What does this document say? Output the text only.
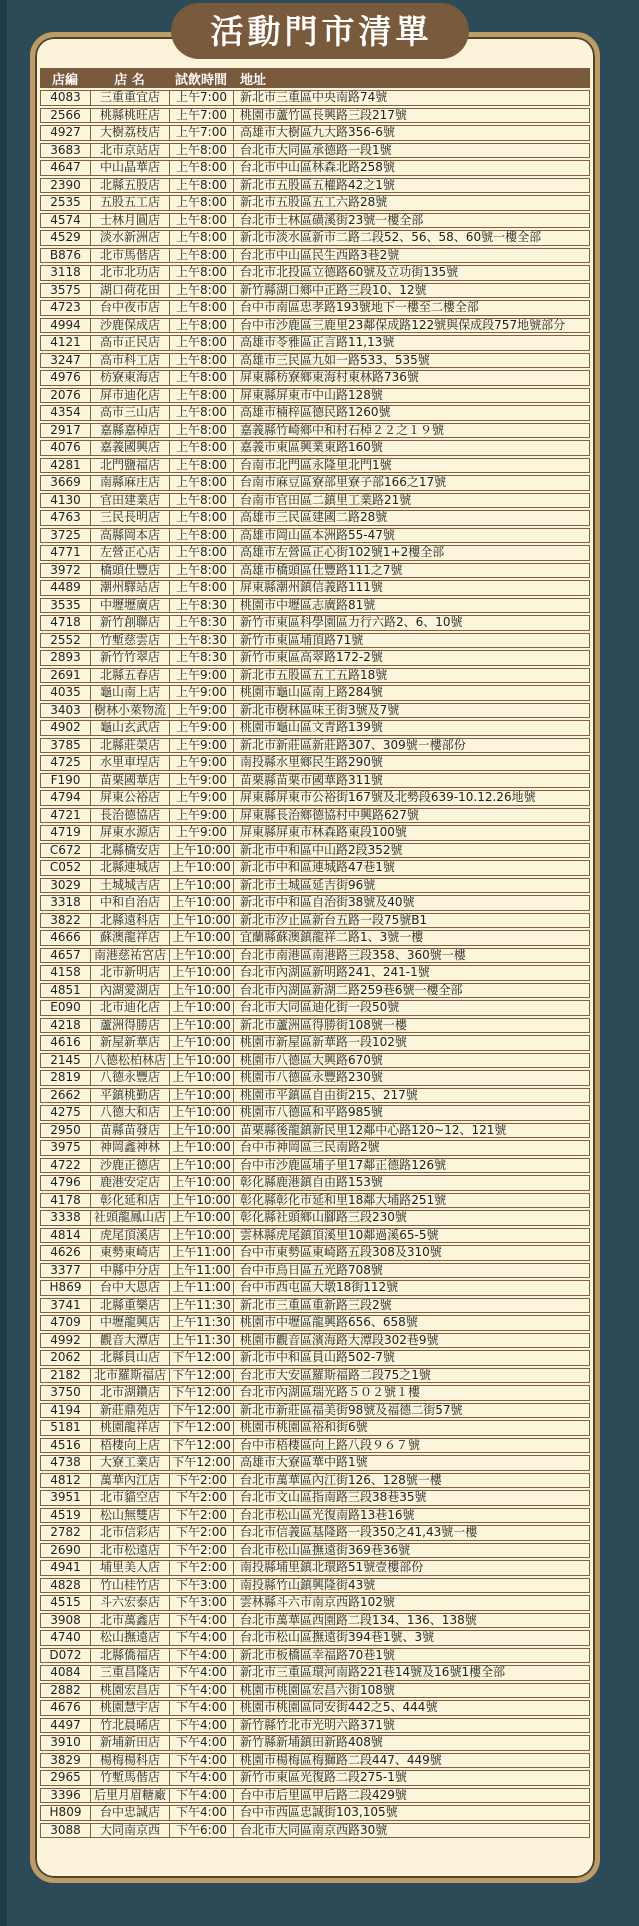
活動門市清單
店編	店 名	試飲時間	地址
4083	三重重宜店	上午7:00	新北市三重區中央南路74號
2566	桃縣桃旺店	上午7:00	桃園市蘆竹區長興路三段217號
4927	大樹荔枝店	上午7:00	高雄市大樹區九大路356-6號
3683	北市京站店	上午8:00	台北市大同區承德路一段1號
4647	中山晶華店	上午8:00	台北市中山區林森北路258號
2390	北縣五股店	上午8:00	新北市五股區五權路42之1號
2535	五股五工店	上午8:00	新北市五股區五工六路28號
4574	士林月圓店	上午8:00	台北市士林區磺溪街23號一樓全部
4529	淡水新洲店	上午8:00	新北市淡水區新市二路二段52、56、58、60號一樓全部
B876	北市馬偕店	上午8:00	台北市中山區民生西路3巷2號
3118	北市北功店	上午8:00	台北市北投區立德路60號及立功街135號
3575	湖口荷花田	上午8:00	新竹縣湖口鄉中正路三段10、12號
4723	台中夜市店	上午8:00	台中市南區忠孝路193號地下一樓至二樓全部
4994	沙鹿保成店	上午8:00	台中市沙鹿區三鹿里23鄰保成路122號與保成段757地號部分
4121	高市正民店	上午8:00	高雄市苓雅區正言路11,13號
3247	高市科工店	上午8:00	高雄市三民區九如一路533、535號
4976	枋寮東海店	上午8:00	屏東縣枋寮鄉東海村東林路736號
2076	屏市迪化店	上午8:00	屏東縣屏東市中山路128號
4354	高市三山店	上午8:00	高雄市楠梓區德民路1260號
2917	嘉縣嘉棹店	上午8:00	嘉義縣竹崎鄉中和村石棹２２之１９號
4076	嘉義國興店	上午8:00	嘉義市東區興業東路160號
4281	北門鹽福店	上午8:00	台南市北門區永隆里北門1號
3669	南縣麻庄店	上午8:00	台南市麻豆區寮部里寮子部166之17號
4130	官田建業店	上午8:00	台南市官田區二鎮里工業路21號
4763	三民長明店	上午8:00	高雄市三民區建國二路28號
3725	高縣岡本店	上午8:00	高雄市岡山區本洲路55-47號
4771	左營正心店	上午8:00	高雄市左營區正心街102號1+2樓全部
3972	橋頭仕豐店	上午8:00	高雄市橋頭區仕豐路111之7號
4489	潮州驛站店	上午8:00	屏東縣潮州鎮信義路111號
3535	中壢壢廣店	上午8:30	桃園市中壢區志廣路81號
4718	新竹創聯店	上午8:30	新竹市東區科學園區力行六路2、6、10號
2552	竹塹慈雲店	上午8:30	新竹市東區埔頂路71號
2893	新竹竹翠店	上午8:30	新竹市東區高翠路172-2號
2691	北縣五春店	上午9:00	新北市五股區五工五路18號
4035	龜山南上店	上午9:00	桃園市龜山區南上路284號
3403	樹林小萊物流	上午9:00	新北市樹林區味王街3號及7號
4902	龜山玄武店	上午9:00	桃園市龜山區文青路139號
3785	北縣莊榮店	上午9:00	新北市新莊區新莊路307、309號一樓部份
4725	水里車埕店	上午9:00	南投縣水里鄉民生路290號
F190	苗栗國華店	上午9:00	苗栗縣苗栗市國華路311號
4794	屏東公裕店	上午9:00	屏東縣屏東市公裕街167號及北勢段639-10.12.26地號
4721	長治德協店	上午9:00	屏東縣長治鄉德協村中興路627號
4719	屏東水源店	上午9:00	屏東縣屏東市林森路東段100號
C672	北縣橋安店	上午10:00	新北市中和區中山路2段352號
C052	北縣連城店	上午10:00	新北市中和區連城路47巷1號
3029	土城城吉店	上午10:00	新北市土城區延吉街96號
3318	中和自治店	上午10:00	新北市中和區自治街38號及40號
3822	北縣遠科店	上午10:00	新北市汐止區新台五路一段75號B1
4666	蘇澳龍祥店	上午10:00	宜蘭縣蘇澳鎮龍祥二路1、3號一樓
4657	南港慈祐宮店	上午10:00	台北市南港區南港路三段358、360號一樓
4158	北市新明店	上午10:00	台北市內湖區新明路241、241-1號
4851	內湖愛湖店	上午10:00	台北市內湖區新湖二路259巷6號一樓全部
E090	北市迪化店	上午10:00	台北市大同區迪化街一段50號
4218	蘆洲得勝店	上午10:00	新北市蘆洲區得勝街108號一樓
4616	新屋新華店	上午10:00	桃園市新屋區新華路一段102號
2145	八德松柏林店	上午10:00	桃園市八德區大興路670號
2819	八德永豐店	上午10:00	桃園市八德區永豐路230號
2662	平鎮桃勤店	上午10:00	桃園市平鎮區自由街215、217號
4275	八德大和店	上午10:00	桃園市八德區和平路985號
2950	苗縣苗發店	上午10:00	苗栗縣後龍鎮新民里12鄰中心路120~12、121號
3975	神岡鑫神林	上午10:00	台中市神岡區三民南路2號
4722	沙鹿正德店	上午10:00	台中市沙鹿區埔子里17鄰正德路126號
4796	鹿港安定店	上午10:00	彰化縣鹿港鎮自由路153號
4178	彰化延和店	上午10:00	彰化縣彰化市延和里18鄰大埔路251號
3338	社頭龍鳳山店	上午10:00	彰化縣社頭鄉山腳路三段230號
4814	虎尾頂溪店	上午10:00	雲林縣虎尾鎮頂溪里10鄰過溪65-5號
4626	東勢東崎店	上午11:00	台中市東勢區東崎路五段308及310號
3377	中縣中分店	上午11:00	台中市烏日區五光路708號
H869	台中大恩店	上午11:00	台中市西屯區大墩18街112號
3741	北縣重樂店	上午11:30	新北市三重區重新路三段2號
4709	中壢龍興店	上午11:30	桃園市中壢區龍興路656、658號
4992	觀音大潭店	上午11:30	桃園市觀音區濱海路大潭段302巷9號
2062	北縣員山店	下午12:00	新北市中和區員山路502-7號
2182	北市羅斯福店	下午12:00	台北市大安區羅斯福路二段75之1號
3750	北市湖鑽店	下午12:00	台北市內湖區瑞光路５０２號１樓
4194	新莊鼎苑店	下午12:00	新北市新莊區福美街98號及福德二街57號
5181	桃園龍祥店	下午12:00	桃園市桃園區裕和街6號
4516	梧棲向上店	下午12:00	台中市梧棲區向上路八段９６７號
4738	大寮工業店	下午12:00	高雄市大寮區華中路1號
4812	萬華內江店	下午2:00	台北市萬華區內江街126、128號一樓
3951	北市貓空店	下午2:00	台北市文山區指南路三段38巷35號
4519	松山無雙店	下午2:00	台北市松山區光復南路13巷16號
2782	北市信彩店	下午2:00	台北市信義區基隆路一段350之41,43號一樓
2690	北市松遠店	下午2:00	台北市松山區撫遠街369巷36號
4941	埔里美人店	下午2:00	南投縣埔里鎮北環路51號壹樓部份
4828	竹山桂竹店	下午3:00	南投縣竹山鎮興隆街43號
4515	斗六宏泰店	下午3:00	雲林縣斗六市南京西路102號
3908	北市萬鑫店	下午4:00	台北市萬華區西園路二段134、136、138號
4740	松山撫遠店	下午4:00	台北市松山區撫遠街394巷1號、3號
D072	北縣僑福店	下午4:00	新北市板橋區幸福路70巷1號
4084	三重昌隆店	下午4:00	新北市三重區環河南路221巷14號及16號1樓全部
2882	桃園宏昌店	下午4:00	桃園市桃園區宏昌六街108號
4676	桃園慧宇店	下午4:00	桃園市桃園區同安街442之5、444號
4497	竹北晨晞店	下午4:00	新竹縣竹北市光明六路371號
3910	新埔新田店	下午4:00	新竹縣新埔鎮田新路408號
3829	楊梅楊科店	下午4:00	桃園市楊梅區梅獅路二段447、449號
2965	竹塹馬偕店	下午4:00	新竹市東區光復路二段275-1號
3396	后里月眉糖廠	下午4:00	台中市后里區甲后路二段429號
H809	台中忠誠店	下午4:00	台中市西區忠誠街103,105號
3088	大同南京西	下午6:00	台北市大同區南京西路30號
